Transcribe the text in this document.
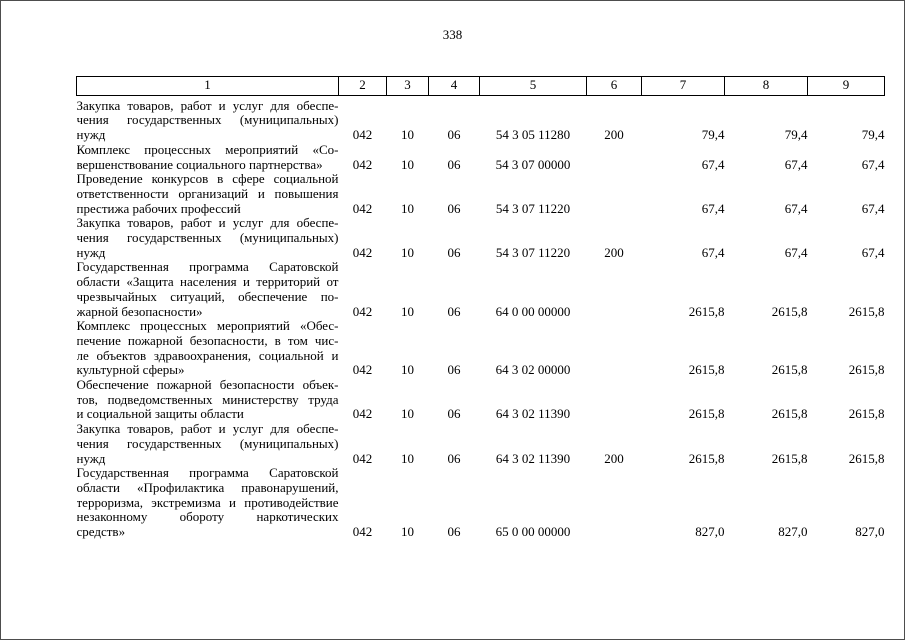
338
1	2	3	4	5	6	7	8	9

Закупка товаров, работ и услуг для обеспе-
чения государственных (муниципальных)
нужд	042	10	06	54 3 05 11280	200	79,4	79,4	79,4

Комплекс процессных мероприятий «Со-
вершенствование социального партнерства»	042	10	06	54 3 07 00000		67,4	67,4	67,4

Проведение конкурсов в сфере социальной
ответственности организаций и повышения
престижа рабочих профессий	042	10	06	54 3 07 11220		67,4	67,4	67,4

Закупка товаров, работ и услуг для обеспе-
чения государственных (муниципальных)
нужд	042	10	06	54 3 07 11220	200	67,4	67,4	67,4

Государственная программа Саратовской
области «Защита населения и территорий от
чрезвычайных ситуаций, обеспечение по-
жарной безопасности»	042	10	06	64 0 00 00000		2615,8	2615,8	2615,8

Комплекс процессных мероприятий «Обес-
печение пожарной безопасности, в том чис-
ле объектов здравоохранения, социальной и
культурной сферы»	042	10	06	64 3 02 00000		2615,8	2615,8	2615,8

Обеспечение пожарной безопасности объек-
тов, подведомственных министерству труда
и социальной защиты области	042	10	06	64 3 02 11390		2615,8	2615,8	2615,8

Закупка товаров, работ и услуг для обеспе-
чения государственных (муниципальных)
нужд	042	10	06	64 3 02 11390	200	2615,8	2615,8	2615,8

Государственная программа Саратовской
области «Профилактика правонарушений,
терроризма, экстремизма и противодействие
незаконному обороту наркотических
средств»	042	10	06	65 0 00 00000		827,0	827,0	827,0
